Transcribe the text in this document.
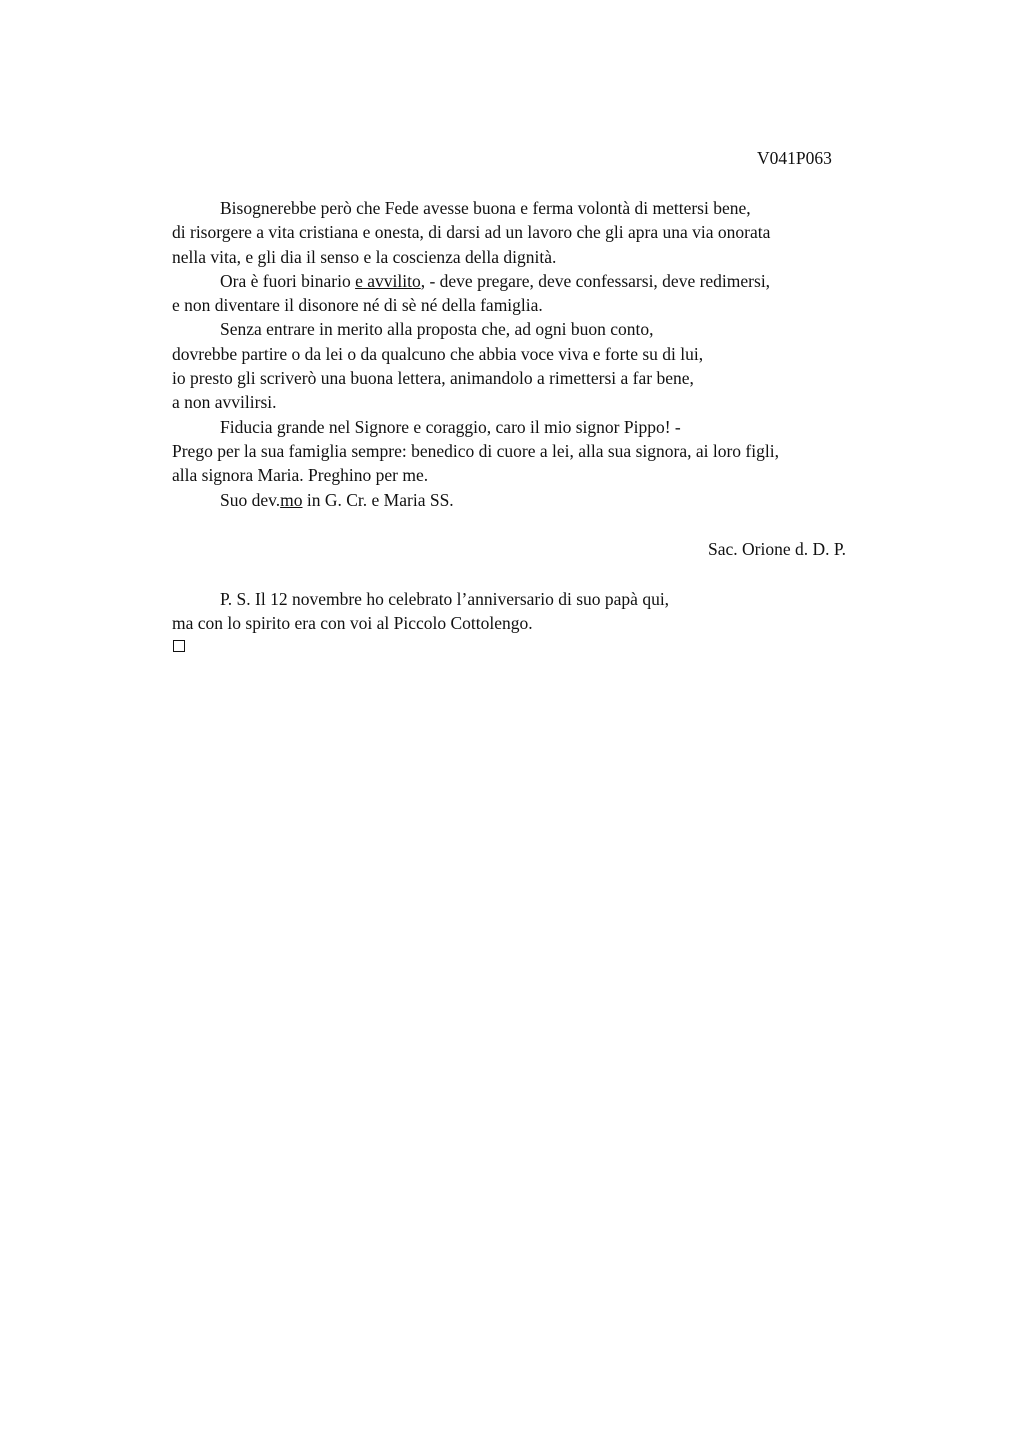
V041P063
Bisognerebbe però che Fede avesse buona e ferma volontà di mettersi bene,
di risorgere a vita cristiana e onesta, di darsi ad un lavoro che gli apra una via onorata
nella vita, e gli dia il senso e la coscienza della dignità.
Ora è fuori binario e avvilito, - deve pregare, deve confessarsi, deve redimersi,
e non diventare il disonore né di sè né della famiglia.
Senza entrare in merito alla proposta che, ad ogni buon conto,
dovrebbe partire o da lei o da qualcuno che abbia voce viva e forte su di lui,
io presto gli scriverò una buona lettera, animandolo a rimettersi a far bene,
a non avvilirsi.
Fiducia grande nel Signore e coraggio, caro il mio signor Pippo! -
Prego per la sua famiglia sempre: benedico di cuore a lei, alla sua signora, ai loro figli,
alla signora Maria. Preghino per me.
Suo dev.mo in G. Cr. e Maria SS.
Sac. Orione d. D. P.
P. S. Il 12 novembre ho celebrato l’anniversario di suo papà qui,
ma con lo spirito era con voi al Piccolo Cottolengo.
